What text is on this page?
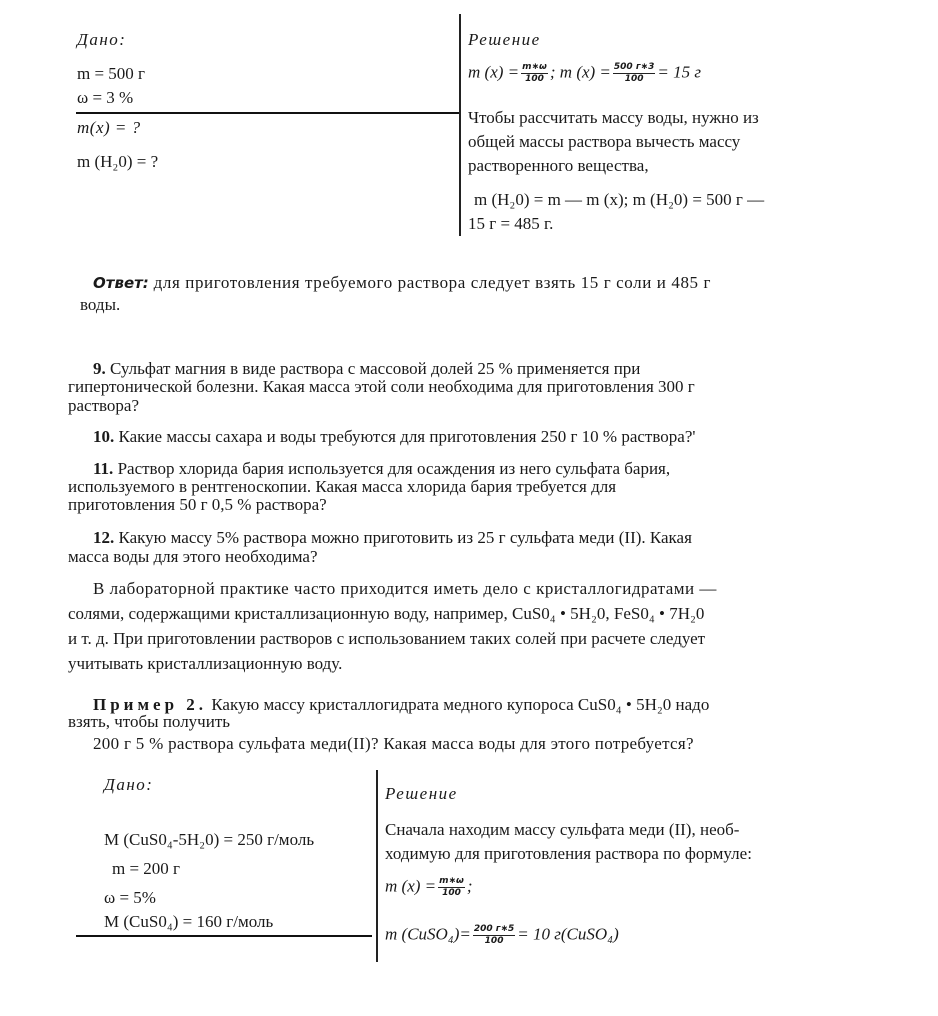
Дано:
m = 500 г
ω = 3 %
m(x) = ?
m (H₂0) = ?
Решение
m $(x) = \frac{m∗\omega}{100}$ ; m $(x) = \frac{500 г∗3}{100} = 15$ г
Чтобы рассчитать массу воды, нужно из
общей массы раствора вычесть массу
растворенного вещества,
m (H₂0) = m — m (x); m (H₂0) = 500 г —
15 г = 485 г.
Ответ: для приготовления требуемого раствора следует взять 15 г соли и 485 г
воды.
9. Сульфат магния в виде раствора с массовой долей 25 % применяется при
гипертонической болезни. Какая масса этой соли необходима для приготовления 300 г
раствора?
10. Какие массы сахара и воды требуются для приготовления 250 г 10 % раствора?'
11. Раствор хлорида бария используется для осаждения из него сульфата бария,
используемого в рентгеноскопии. Какая масса хлорида бария требуется для
приготовления 50 г 0,5 % раствора?
12. Какую массу 5% раствора можно приготовить из 25 г сульфата меди (II). Какая
масса воды для этого необходима?
В лабораторной практике часто приходится иметь дело с кристаллогидратами —
солями, содержащими кристаллизационную воду, например, CuS0₄ • 5H₂0, FeS0₄ • 7H₂0
и т. д. При приготовлении растворов с использованием таких солей при расчете следует
учитывать кристаллизационную воду.
Пример 2. Какую массу кристаллогидрата медного купороса CuS0₄ • 5H₂0 надо
взять, чтобы получить
200 г 5 % раствора сульфата меди(II)? Какая масса воды для этого потребуется?
Дано:
M (CuS0₄-5H₂0) = 250 г/моль
m = 200 г
ω = 5%
M (CuS0₄) = 160 г/моль
Решение
Сначала находим массу сульфата меди (II), необ-
ходимую для приготовления раствора по формуле:
m $(x) = \frac{m∗\omega}{100}$ ;
m (CuSO₄)= $\frac{200 г∗5}{100} = 10$ г(CuSO₄)
